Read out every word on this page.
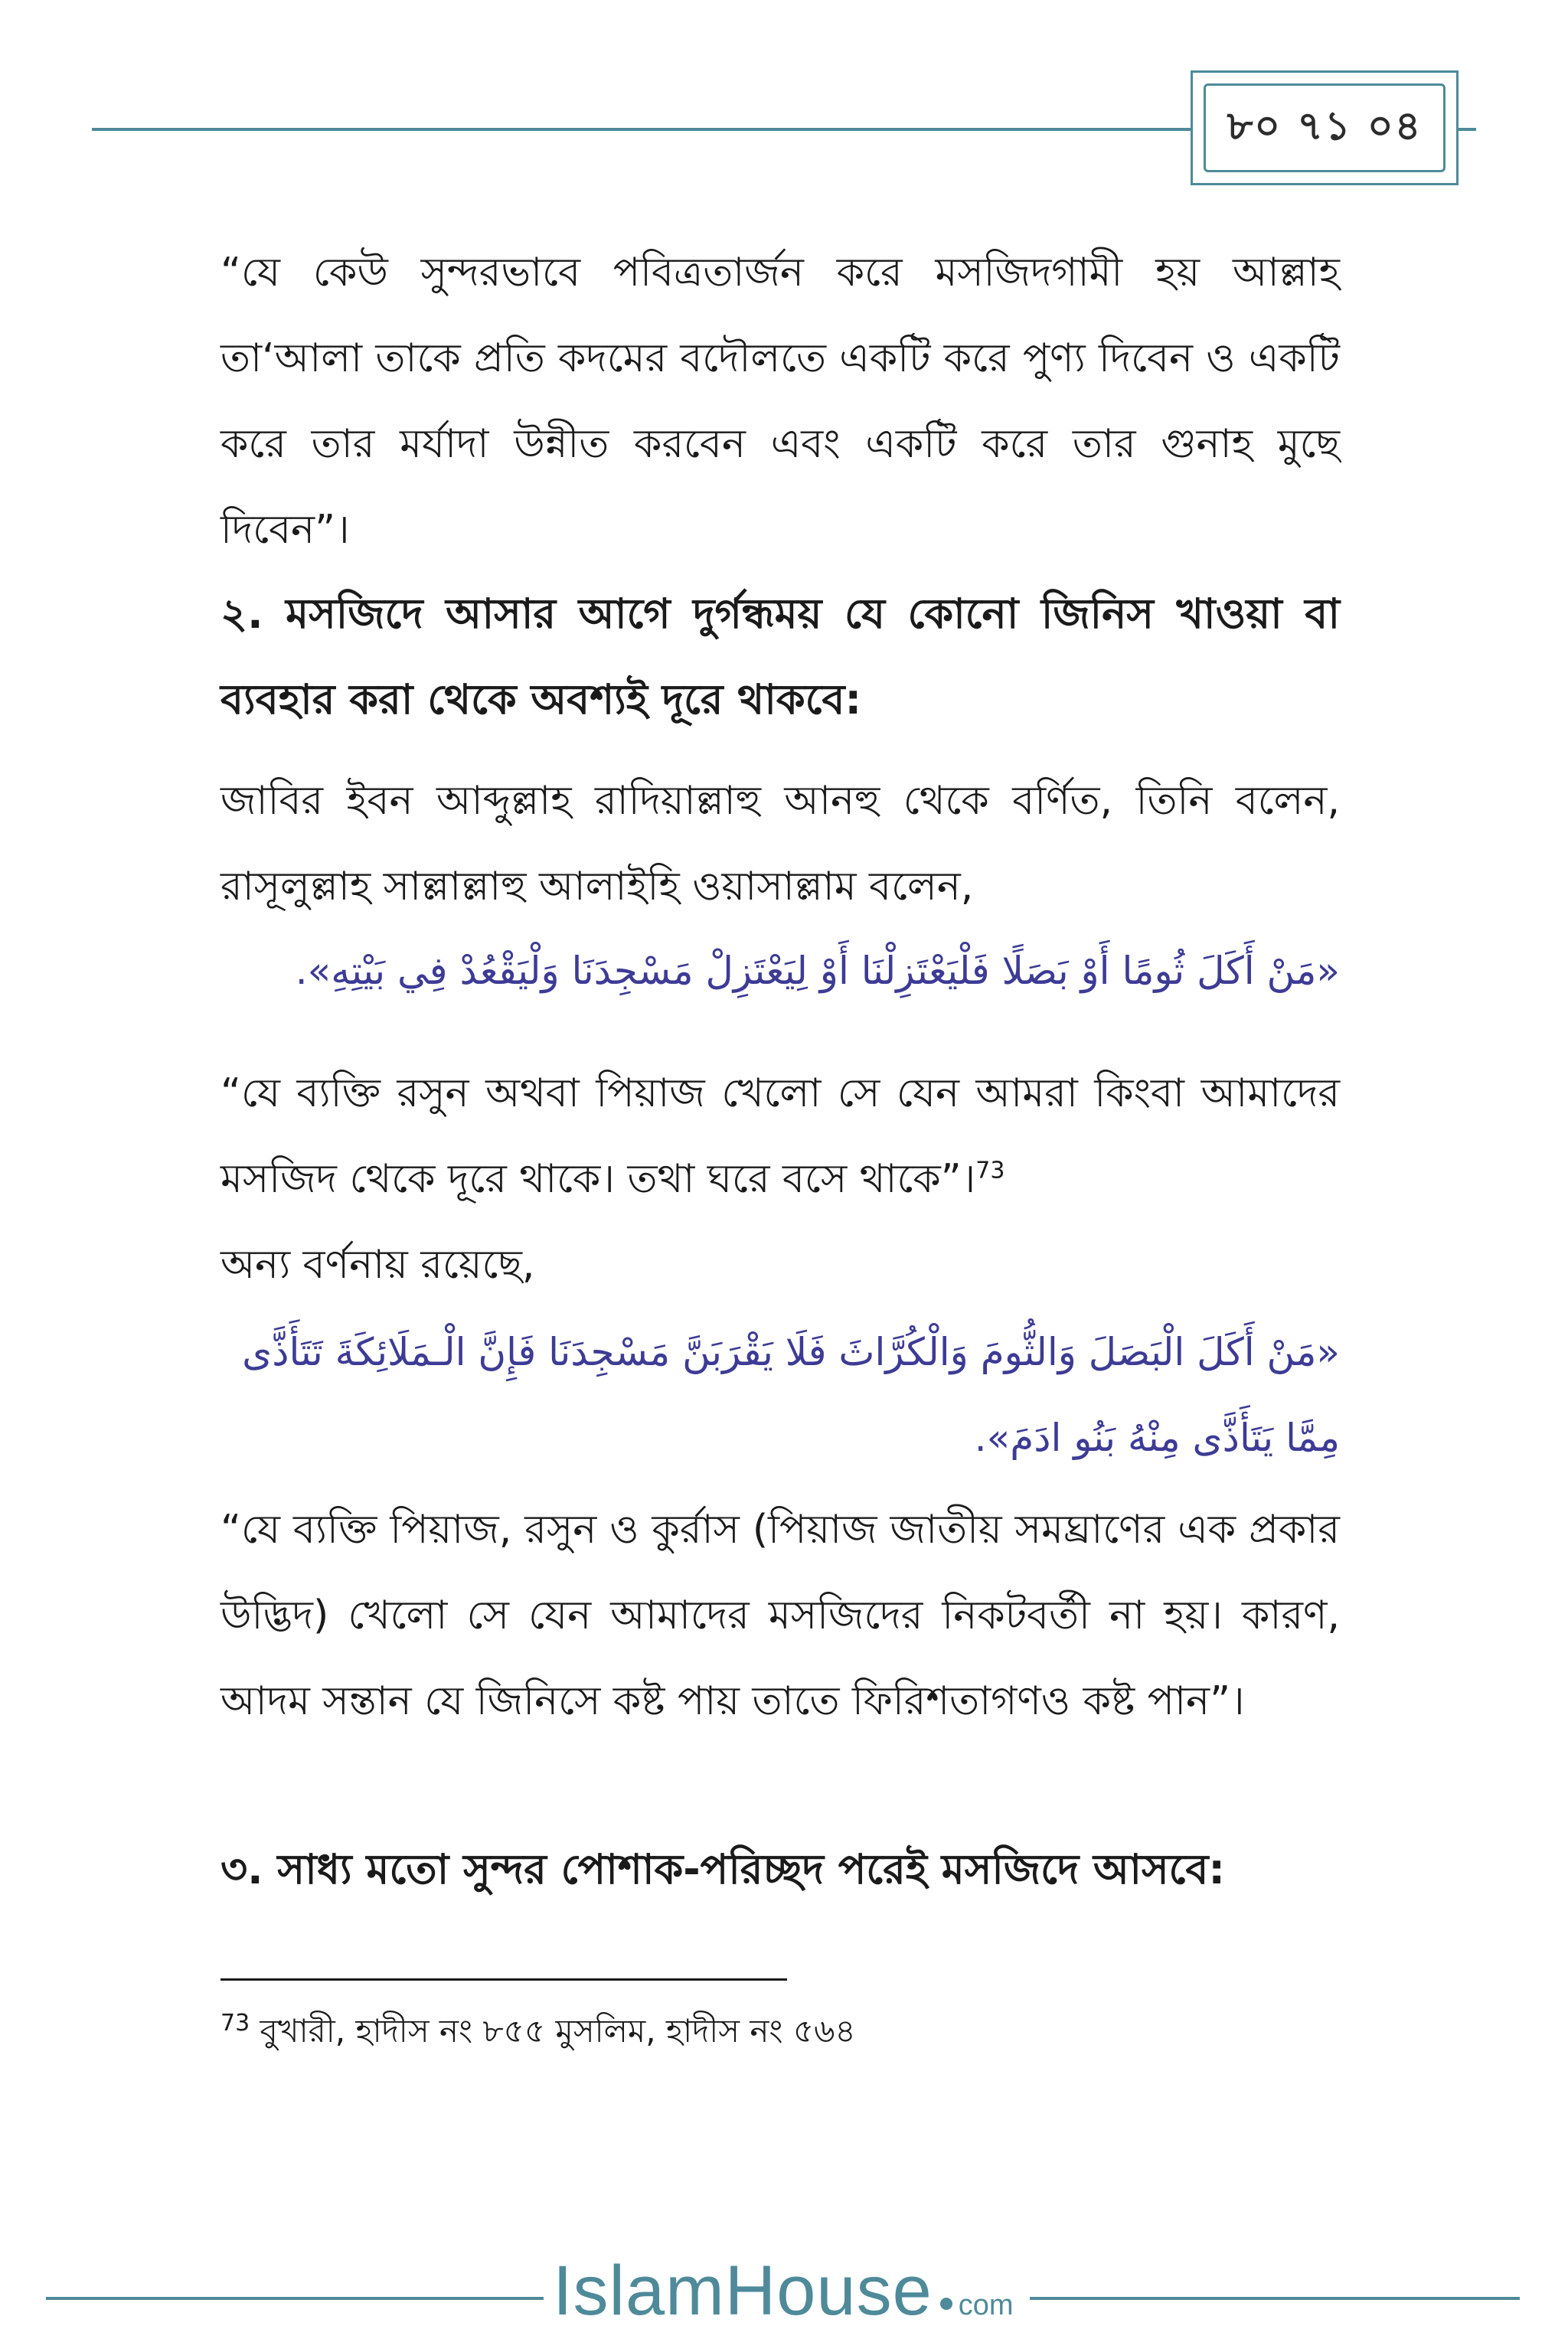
৮০ ৭১ ০৪

“যে কেউ সুন্দরভাবে পবিত্রতার্জন করে মসজিদগামী হয় আল্লাহ তা‘আলা তাকে প্রতি কদমের বদৌলতে একটি করে পুণ্য দিবেন ও একটি করে তার মর্যাদা উন্নীত করবেন এবং একটি করে তার গুনাহ মুছে দিবেন”।

২. মসজিদে আসার আগে দুর্গন্ধময় যে কোনো জিনিস খাওয়া বা ব্যবহার করা থেকে অবশ্যই দূরে থাকবে:

জাবির ইবন আব্দুল্লাহ রাদিয়াল্লাহু আনহু থেকে বর্ণিত, তিনি বলেন, রাসূলুল্লাহ সাল্লাল্লাহু আলাইহি ওয়াসাল্লাম বলেন,

«مَنْ أَكَلَ ثُومًا أَوْ بَصَلًا فَلْيَعْتَزِلْنَا أَوْ لِيَعْتَزِلْ مَسْجِدَنَا وَلْيَقْعُدْ فِي بَيْتِهِ».

“যে ব্যক্তি রসুন অথবা পিয়াজ খেলো সে যেন আমরা কিংবা আমাদের মসজিদ থেকে দূরে থাকে। তথা ঘরে বসে থাকে”।$^{73}$

অন্য বর্ণনায় রয়েছে,

«مَنْ أَكَلَ الْبَصَلَ وَالثُّومَ وَالْكُرَّاثَ فَلَا يَقْرَبَنَّ مَسْجِدَنَا فَإِنَّ الْـمَلَائِكَةَ تَتَأَذَّى مِمَّا يَتَأَذَّى مِنْهُ بَنُو ادَمَ».

“যে ব্যক্তি পিয়াজ, রসুন ও কুর্রাস (পিয়াজ জাতীয় সমঘ্রাণের এক প্রকার উদ্ভিদ) খেলো সে যেন আমাদের মসজিদের নিকটবর্তী না হয়। কারণ, আদম সন্তান যে জিনিসে কষ্ট পায় তাতে ফিরিশতাগণও কষ্ট পান”।

৩. সাধ্য মতো সুন্দর পোশাক-পরিচ্ছদ পরেই মসজিদে আসবে:

$^{73}$ বুখারী, হাদীস নং ৮৫৫ মুসলিম, হাদীস নং ৫৬৪
IslamHouse com
